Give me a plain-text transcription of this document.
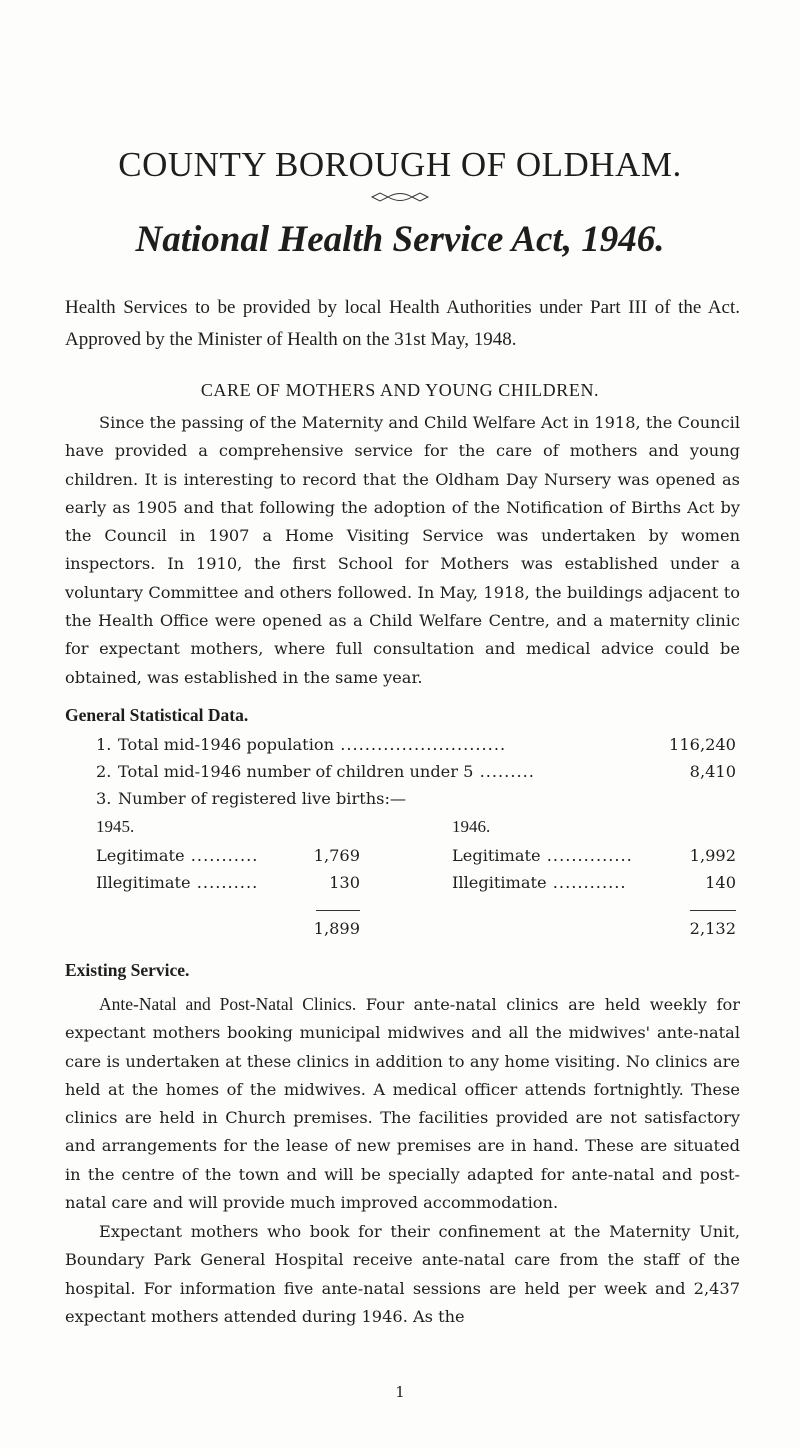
COUNTY BOROUGH OF OLDHAM.
National Health Service Act, 1946.
Health Services to be provided by local Health Authorities under Part III of the Act. Approved by the Minister of Health on the 31st May, 1948.
CARE OF MOTHERS AND YOUNG CHILDREN.

Since the passing of the Maternity and Child Welfare Act in 1918, the Council have provided a comprehensive service for the care of mothers and young children. It is interesting to record that the Oldham Day Nursery was opened as early as 1905 and that following the adoption of the Notification of Births Act by the Council in 1907 a Home Visiting Service was undertaken by women inspectors. In 1910, the first School for Mothers was established under a voluntary Committee and others followed. In May, 1918, the buildings adjacent to the Health Office were opened as a Child Welfare Centre, and a maternity clinic for expectant mothers, where full consultation and medical advice could be obtained, was established in the same year.

General Statistical Data.
1. Total mid-1946 population ...........................	116,240
2. Total mid-1946 number of children under 5 .........	8,410
3. Number of registered live births:—
1945.
Legitimate ...........	1,769
Illegitimate ..........	130
1,899
1946.
Legitimate ..............	1,992
Illegitimate ............	140
2,132
Existing Service.

Ante-Natal and Post-Natal Clinics. Four ante-natal clinics are held weekly for expectant mothers booking municipal midwives and all the midwives' ante-natal care is undertaken at these clinics in addition to any home visiting. No clinics are held at the homes of the midwives. A medical officer attends fortnightly. These clinics are held in Church premises. The facilities provided are not satisfactory and arrangements for the lease of new premises are in hand. These are situated in the centre of the town and will be specially adapted for ante-natal and post-natal care and will provide much improved accommodation.

Expectant mothers who book for their confinement at the Maternity Unit, Boundary Park General Hospital receive ante-natal care from the staff of the hospital. For information five ante-natal sessions are held per week and 2,437 expectant mothers attended during 1946. As the

1
